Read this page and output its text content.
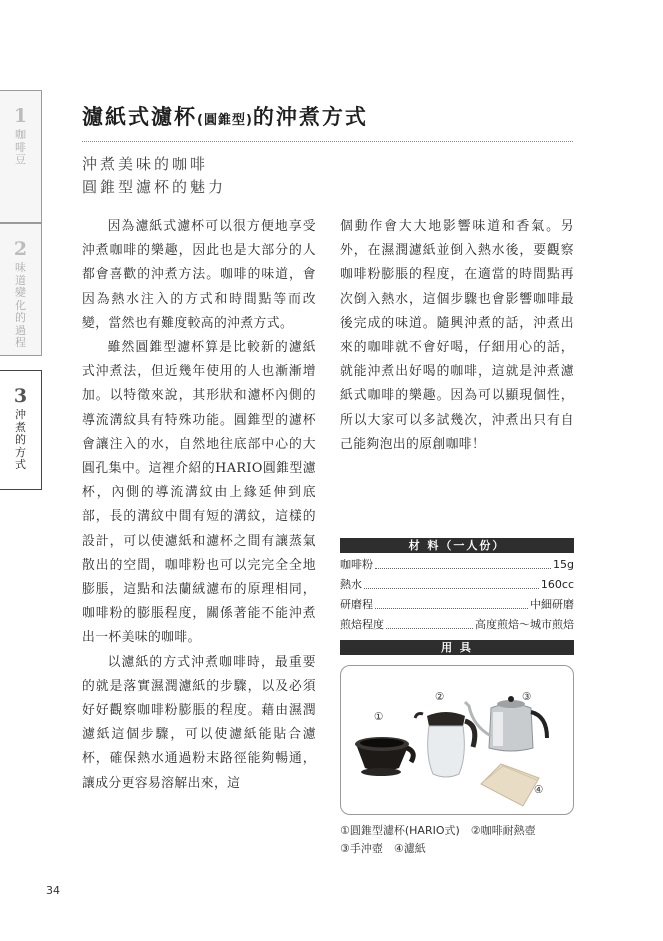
1
咖啡豆
2
味道變化的過程
3
沖煮的方式
濾紙式濾杯(圓錐型)的沖煮方式
沖煮美味的咖啡
圓錐型濾杯的魅力

因為濾紙式濾杯可以很方便地享受沖煮咖啡的樂趣，因此也是大部分的人都會喜歡的沖煮方法。咖啡的味道，會因為熱水注入的方式和時間點等而改變，當然也有難度較高的沖煮方式。

雖然圓錐型濾杯算是比較新的濾紙式沖煮法，但近幾年使用的人也漸漸增加。以特徵來說，其形狀和濾杯內側的導流溝紋具有特殊功能。圓錐型的濾杯會讓注入的水，自然地往底部中心的大圓孔集中。這裡介紹的HARIO圓錐型濾杯，內側的導流溝紋由上緣延伸到底部，長的溝紋中間有短的溝紋，這樣的設計，可以使濾紙和濾杯之間有讓蒸氣散出的空間，咖啡粉也可以完完全全地膨脹，這點和法蘭絨濾布的原理相同，咖啡粉的膨脹程度，關係著能不能沖煮出一杯美味的咖啡。

以濾紙的方式沖煮咖啡時，最重要的就是落實濕潤濾紙的步驟，以及必須好好觀察咖啡粉膨脹的程度。藉由濕潤濾紙這個步驟，可以使濾紙能貼合濾杯，確保熱水通過粉末路徑能夠暢通，讓成分更容易溶解出來，這

個動作會大大地影響味道和香氣。另外，在濕潤濾紙並倒入熱水後，要觀察咖啡粉膨脹的程度，在適當的時間點再次倒入熱水，這個步驟也會影響咖啡最後完成的味道。隨興沖煮的話，沖煮出來的咖啡就不會好喝，仔細用心的話，就能沖煮出好喝的咖啡，這就是沖煮濾紙式咖啡的樂趣。因為可以顯現個性，所以大家可以多試幾次，沖煮出只有自己能夠泡出的原創咖啡！

材 料（一人份）
咖啡粉	15g
熱水	160cc
研磨程	中細研磨
煎焙程度	高度煎焙～城市煎焙
用 具
①
②	③
④
①圓錐型濾杯(HARIO式)　②咖啡耐熱壺
③手沖壺　④濾紙
34
